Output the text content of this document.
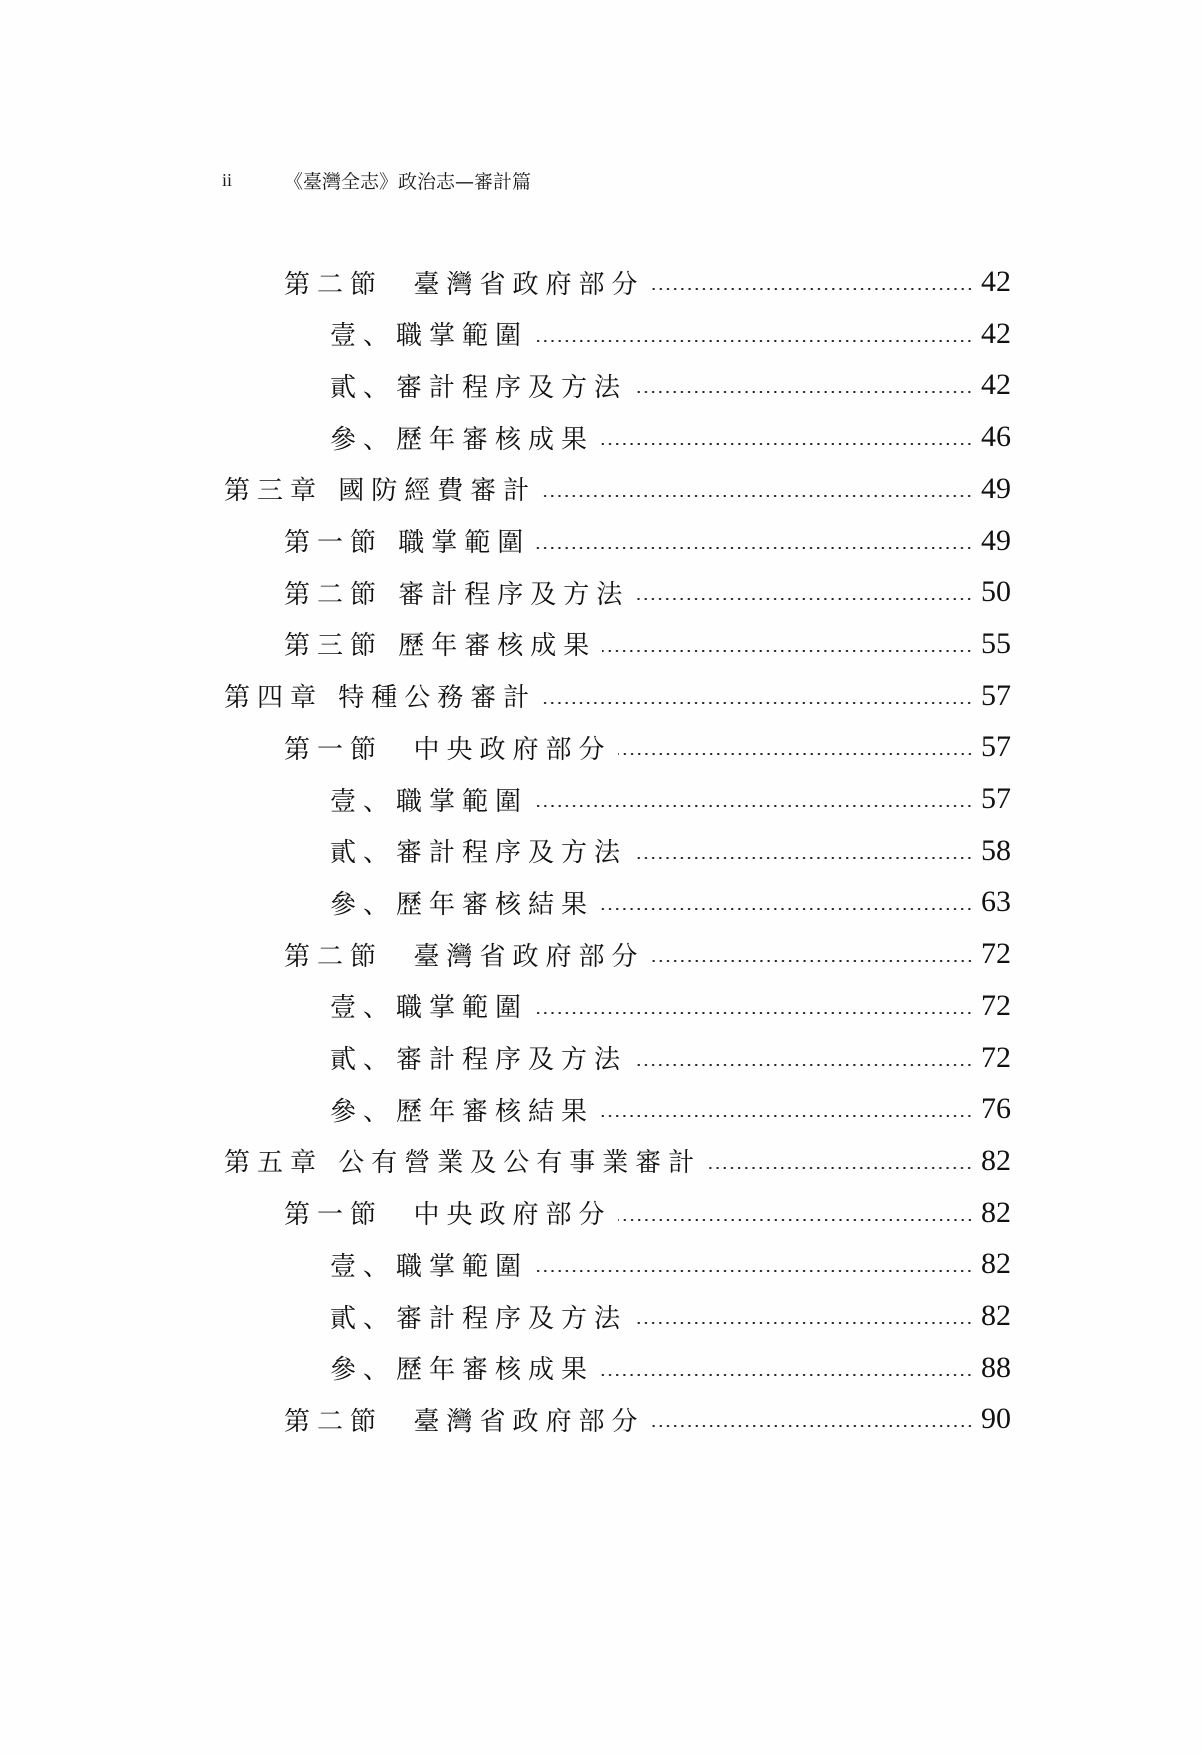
ii	《臺灣全志》政治志—審計篇
第二節  臺灣省政府部分	42
壹、職掌範圍	42
貳、審計程序及方法	42
參、歷年審核成果	46
第三章 國防經費審計	49
第一節 職掌範圍	49
第二節 審計程序及方法	50
第三節 歷年審核成果	55
第四章 特種公務審計	57
第一節  中央政府部分	57
壹、職掌範圍	57
貳、審計程序及方法	58
參、歷年審核結果	63
第二節  臺灣省政府部分	72
壹、職掌範圍	72
貳、審計程序及方法	72
參、歷年審核結果	76
第五章 公有營業及公有事業審計	82
第一節  中央政府部分	82
壹、職掌範圍	82
貳、審計程序及方法	82
參、歷年審核成果	88
第二節  臺灣省政府部分	90
